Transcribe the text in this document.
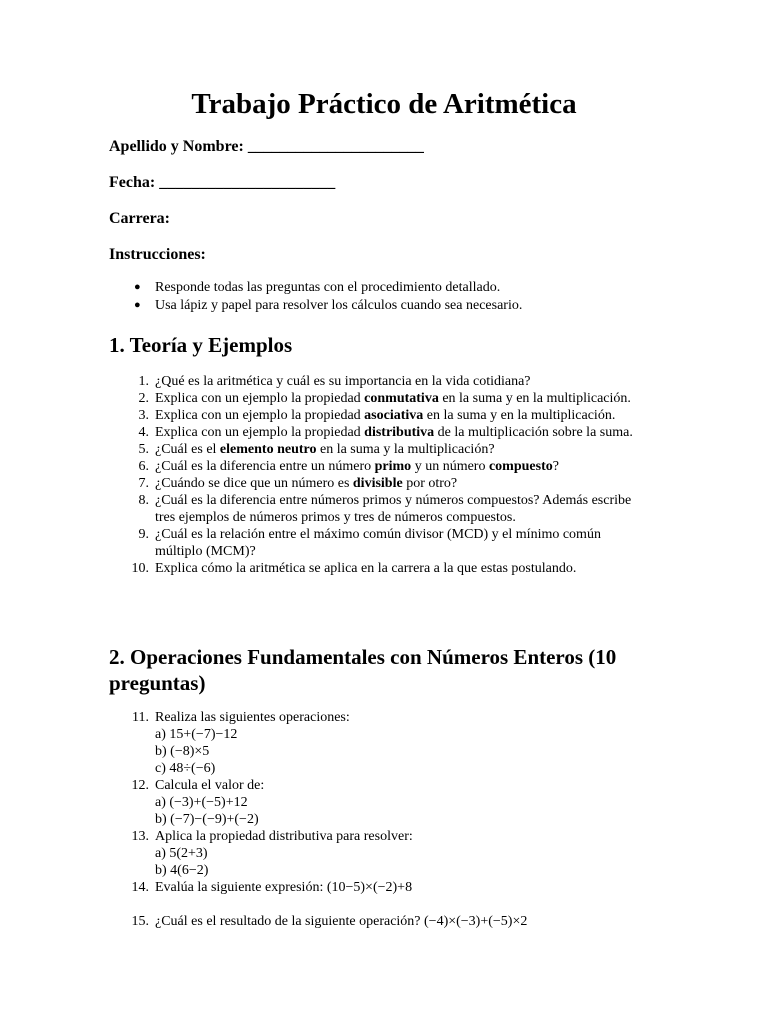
Trabajo Práctico de Aritmética

Apellido y Nombre: ______________________

Fecha: ______________________

Carrera:

Instrucciones:

● Responde todas las preguntas con el procedimiento detallado.
● Usa lápiz y papel para resolver los cálculos cuando sea necesario.
1. Teoría y Ejemplos
1. ¿Qué es la aritmética y cuál es su importancia en la vida cotidiana?
2. Explica con un ejemplo la propiedad conmutativa en la suma y en la multiplicación.
3. Explica con un ejemplo la propiedad asociativa en la suma y en la multiplicación.
4. Explica con un ejemplo la propiedad distributiva de la multiplicación sobre la suma.
5. ¿Cuál es el elemento neutro en la suma y la multiplicación?
6. ¿Cuál es la diferencia entre un número primo y un número compuesto?
7. ¿Cuándo se dice que un número es divisible por otro?
8. ¿Cuál es la diferencia entre números primos y números compuestos? Además escribe tres ejemplos de números primos y tres de números compuestos.
9. ¿Cuál es la relación entre el máximo común divisor (MCD) y el mínimo común múltiplo (MCM)?
10. Explica cómo la aritmética se aplica en la carrera a la que estas postulando.
2. Operaciones Fundamentales con Números Enteros (10 preguntas)
11. Realiza las siguientes operaciones:
a) 15+(−7)−12
b) (−8)×5
c) 48÷(−6)
12. Calcula el valor de:
a) (−3)+(−5)+12
b) (−7)−(−9)+(−2)
13. Aplica la propiedad distributiva para resolver:
a) 5(2+3)
b) 4(6−2)
14. Evalúa la siguiente expresión: (10−5)×(−2)+8
15. ¿Cuál es el resultado de la siguiente operación? (−4)×(−3)+(−5)×2
